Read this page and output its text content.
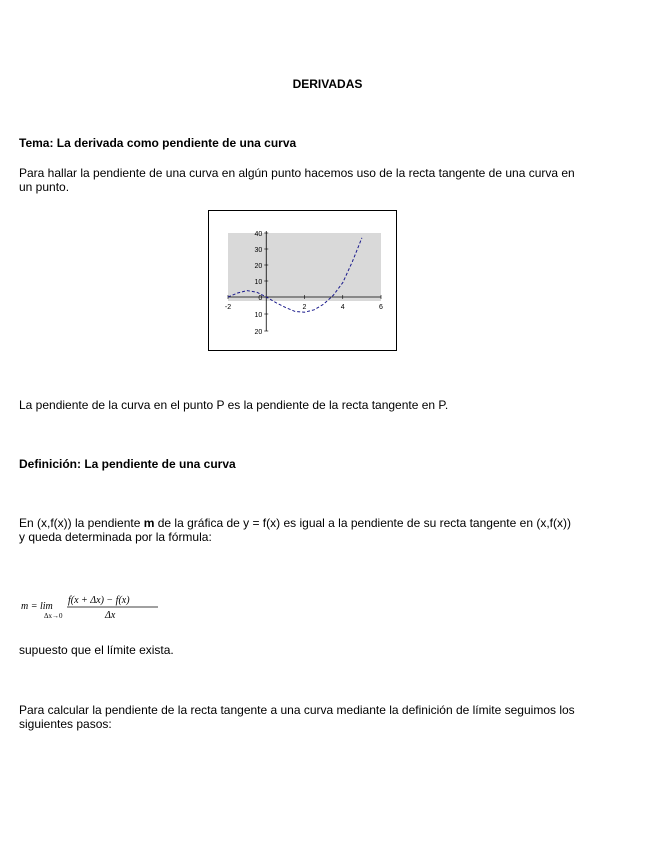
DERIVADAS
Tema: La derivada como pendiente de una curva
Para hallar la pendiente de una curva en algún punto hacemos uso de la recta tangente de una curva en un punto.
40
30
20
10
0
10
20
-2	2	4	6
La pendiente de la curva en el punto P es la pendiente de la recta tangente en P.
Definición: La pendiente de una curva
En (x,f(x)) la pendiente m de la gráfica de y = f(x) es igual a la pendiente de su recta tangente en (x,f(x)) y queda determinada por la fórmula:
m = lim
Δx→0
f(x + Δx) − f(x)
Δx
supuesto que el límite exista.
Para calcular la pendiente de la recta tangente a una curva mediante la definición de límite seguimos los siguientes pasos:
